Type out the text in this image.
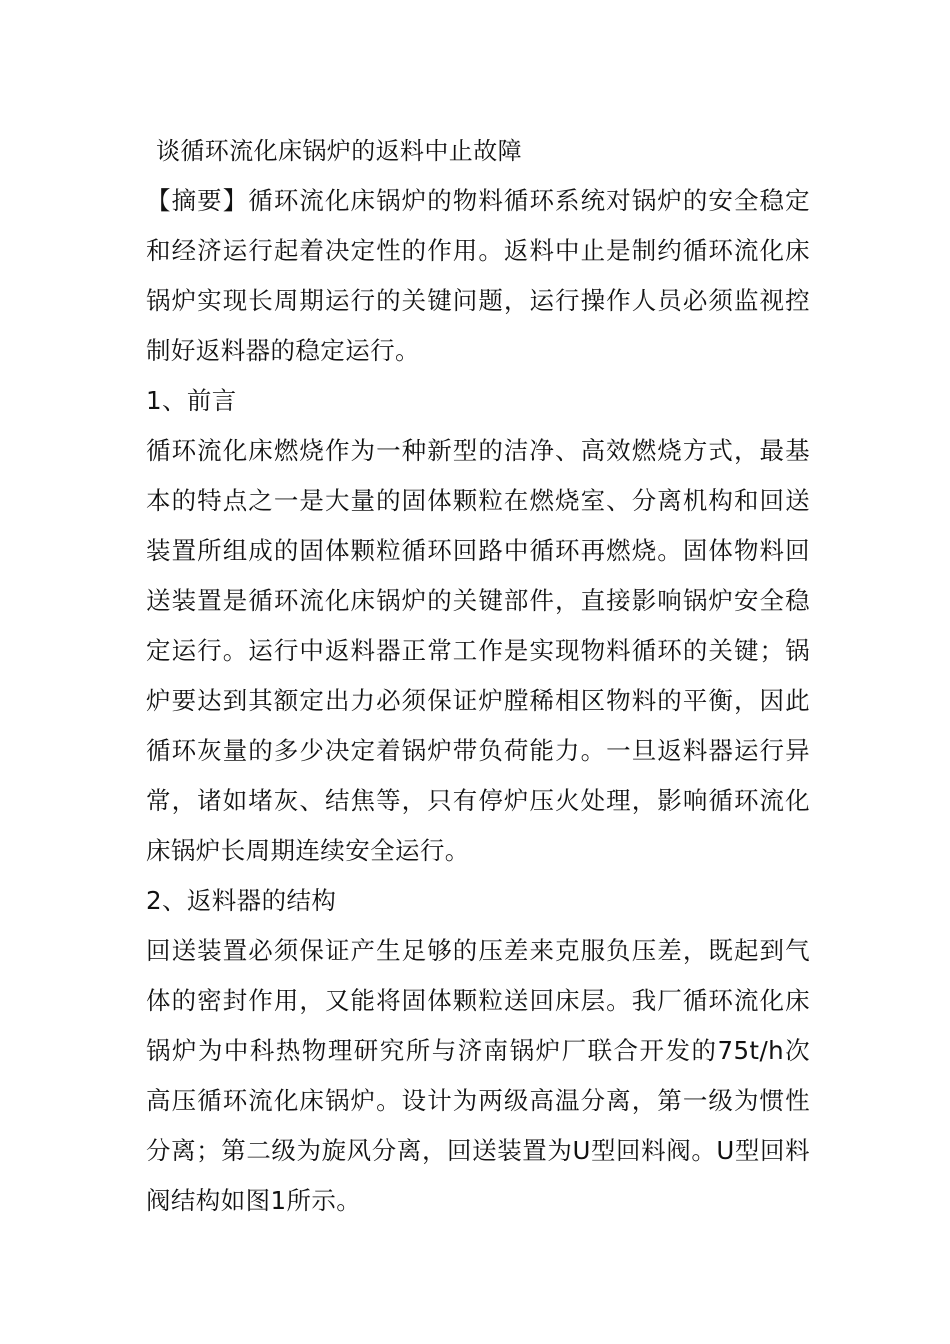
谈循环流化床锅炉的返料中止故障

【摘要】循环流化床锅炉的物料循环系统对锅炉的安全稳定和经济运行起着决定性的作用。返料中止是制约循环流化床锅炉实现长周期运行的关键问题，运行操作人员必须监视控制好返料器的稳定运行。

1、前言

循环流化床燃烧作为一种新型的洁净、高效燃烧方式，最基本的特点之一是大量的固体颗粒在燃烧室、分离机构和回送装置所组成的固体颗粒循环回路中循环再燃烧。固体物料回送装置是循环流化床锅炉的关键部件，直接影响锅炉安全稳定运行。运行中返料器正常工作是实现物料循环的关键；锅炉要达到其额定出力必须保证炉膛稀相区物料的平衡，因此循环灰量的多少决定着锅炉带负荷能力。一旦返料器运行异常，诸如堵灰、结焦等，只有停炉压火处理，影响循环流化床锅炉长周期连续安全运行。

2、返料器的结构

回送装置必须保证产生足够的压差来克服负压差，既起到气体的密封作用，又能将固体颗粒送回床层。我厂循环流化床锅炉为中科热物理研究所与济南锅炉厂联合开发的75t/h次高压循环流化床锅炉。设计为两级高温分离，第一级为惯性分离；第二级为旋风分离，回送装置为U型回料阀。U型回料阀结构如图1所示。
